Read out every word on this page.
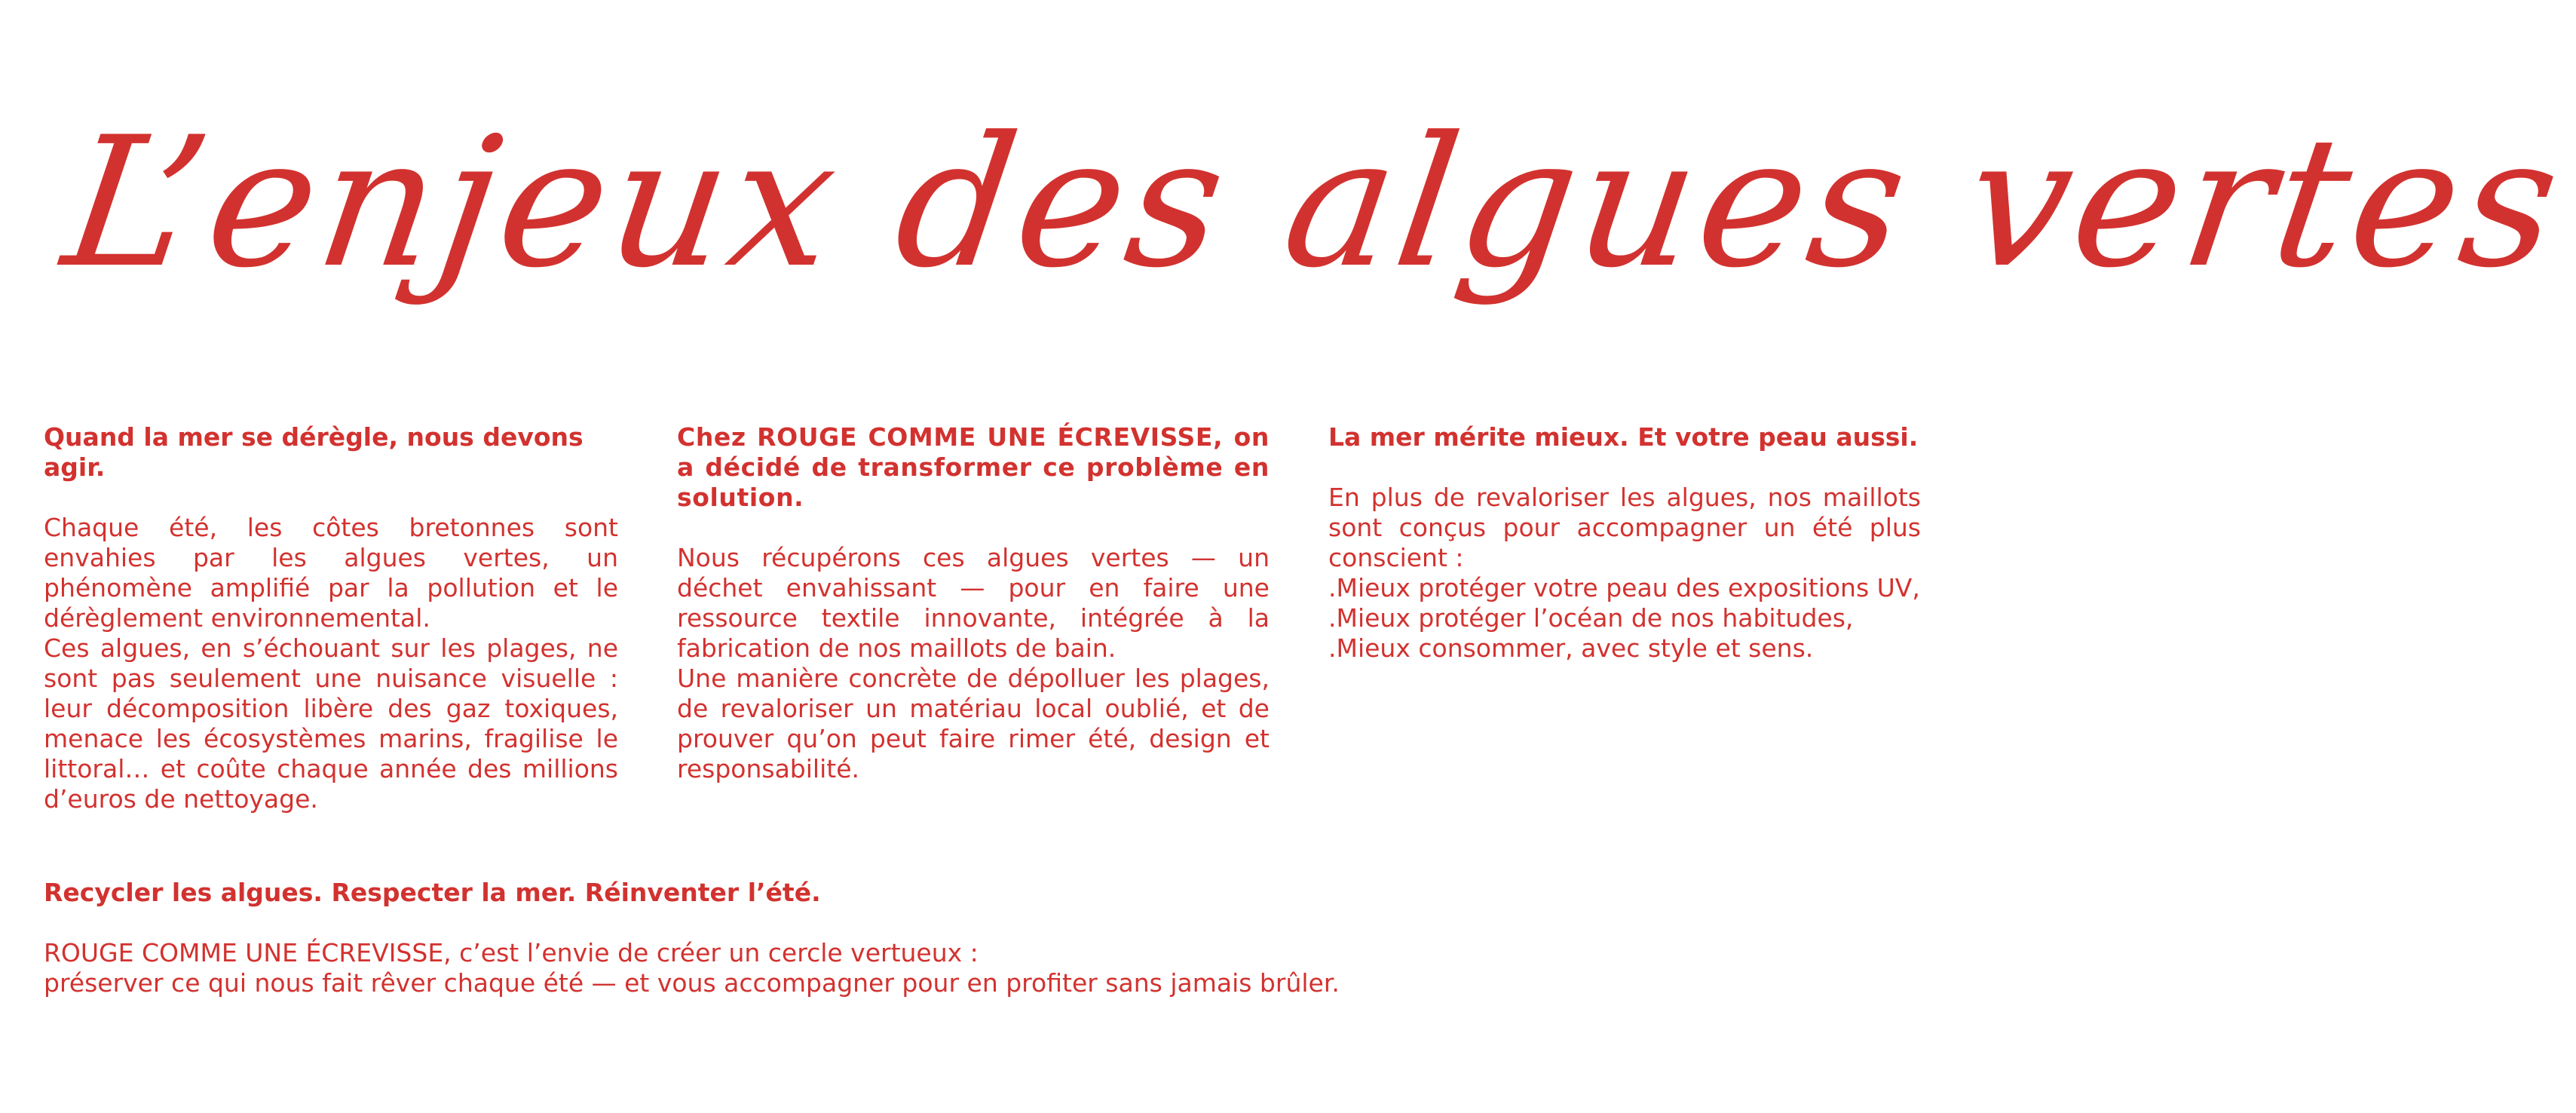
L’enjeux des algues vertes

Quand la mer se dérègle, nous devons agir.

Chaque été, les côtes bretonnes sont envahies par les algues vertes, un phénomène amplifié par la pollution et le dérèglement environnemental.

Ces algues, en s’échouant sur les plages, ne sont pas seulement une nuisance visuelle : leur décomposition libère des gaz toxiques, menace les écosystèmes marins, fragilise le littoral… et coûte chaque année des millions d’euros de nettoyage.

Chez ROUGE COMME UNE ÉCREVISSE, on a décidé de transformer ce problème en solution.

Nous récupérons ces algues vertes — un déchet envahissant — pour en faire une ressource textile innovante, intégrée à la fabrication de nos maillots de bain.

Une manière concrète de dépolluer les plages, de revaloriser un matériau local oublié, et de prouver qu’on peut faire rimer été, design et responsabilité.

La mer mérite mieux. Et votre peau aussi.

En plus de revaloriser les algues, nos maillots sont conçus pour accompagner un été plus conscient :

.Mieux protéger votre peau des expositions UV,
.Mieux protéger l’océan de nos habitudes,
.Mieux consommer, avec style et sens.

Recycler les algues. Respecter la mer. Réinventer l’été.

ROUGE COMME UNE ÉCREVISSE, c’est l’envie de créer un cercle vertueux :
préserver ce qui nous fait rêver chaque été — et vous accompagner pour en profiter sans jamais brûler.
